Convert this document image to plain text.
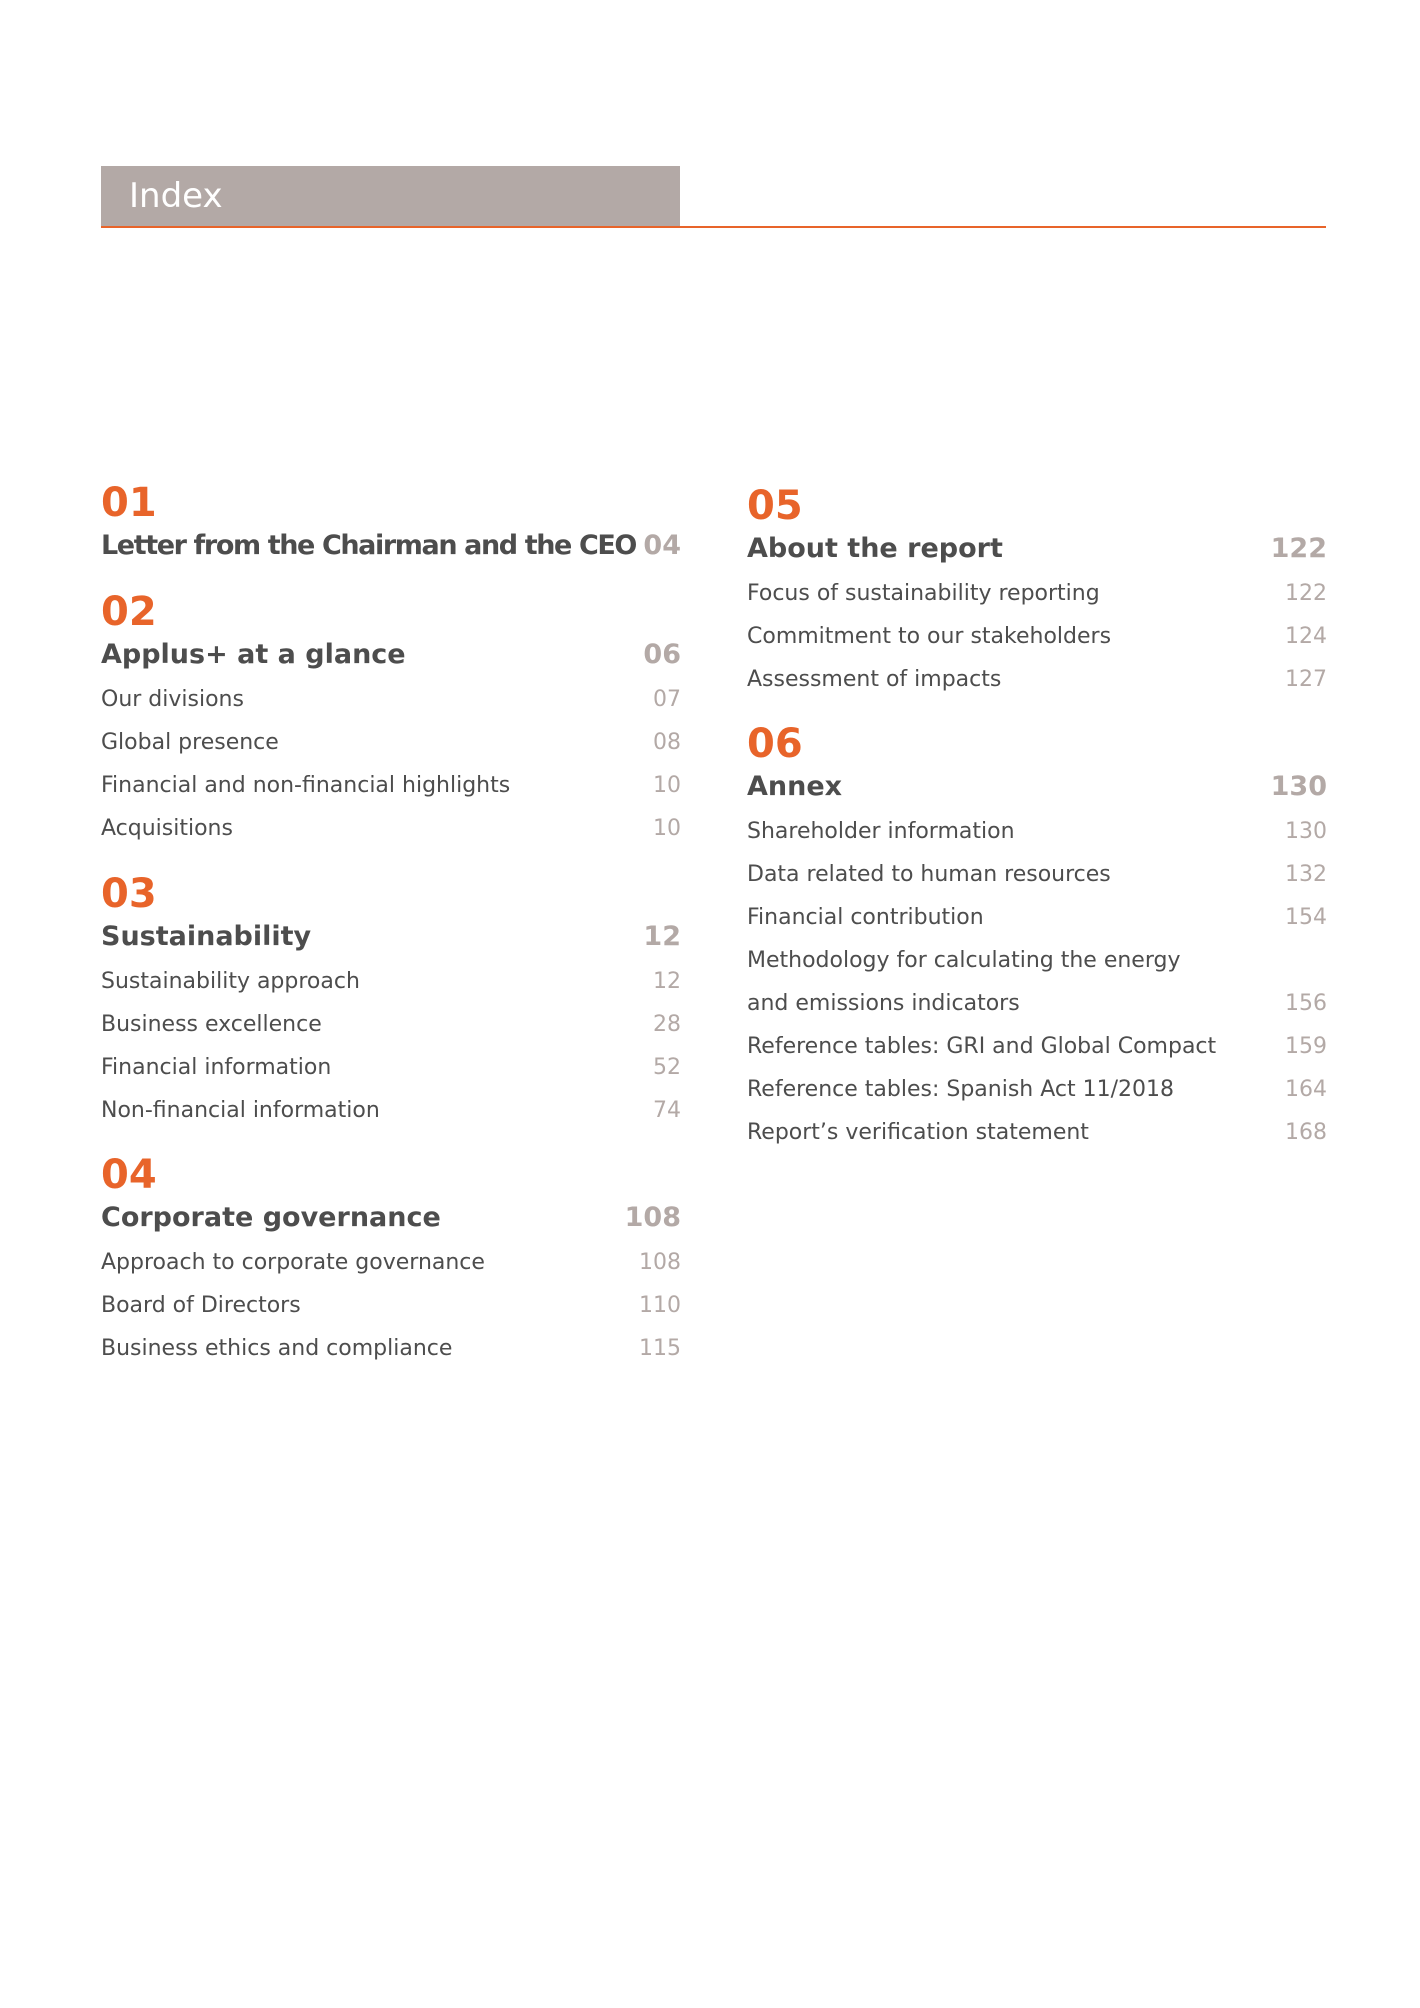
Index
01
Letter from the Chairman and the CEO 04
02
Applus+ at a glance	06
Our divisions	07
Global presence	08
Financial and non-financial highlights	10
Acquisitions	10
03
Sustainability	12
Sustainability approach	12
Business excellence	28
Financial information	52
Non-financial information	74
04
Corporate governance	108
Approach to corporate governance	108
Board of Directors	110
Business ethics and compliance	115
05
About the report	122
Focus of sustainability reporting	122
Commitment to our stakeholders	124
Assessment of impacts	127
06
Annex	130
Shareholder information	130
Data related to human resources	132
Financial contribution	154
Methodology for calculating the energy
and emissions indicators	156
Reference tables: GRI and Global Compact	159
Reference tables: Spanish Act 11/2018	164
Report’s verification statement	168
